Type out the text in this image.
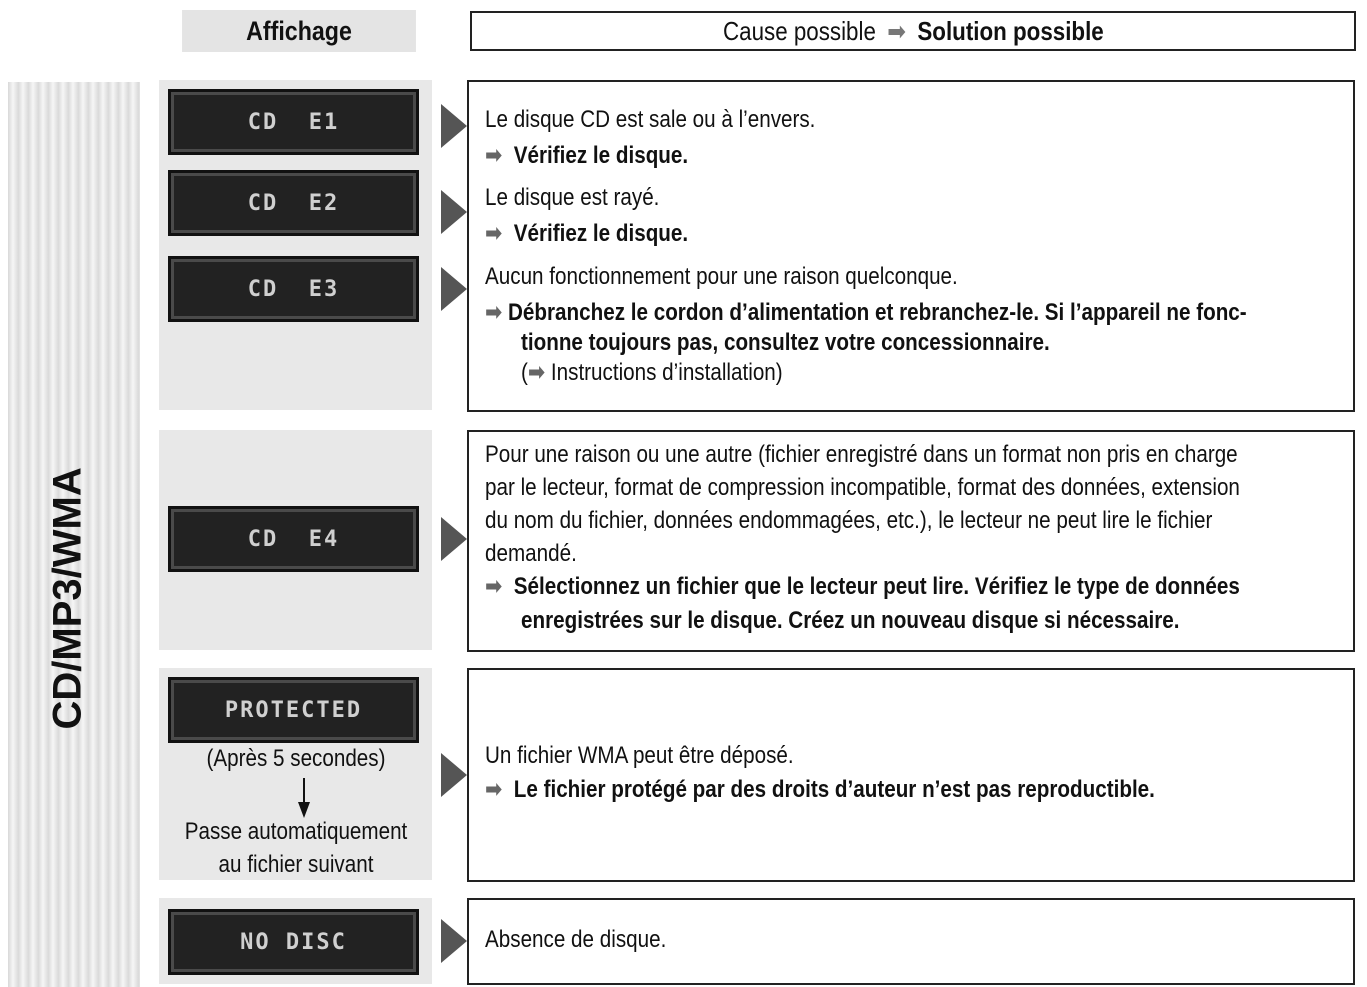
Affichage	Cause possible ➡ Solution possible
CD/MP3/WMA
CD  E1
CD  E2
CD  E3
CD  E4
PROTECTED
NO DISC
(Après 5 secondes)
Passe automatiquement
au fichier suivant
Le disque CD est sale ou à l’envers.
➡ Vérifiez le disque.
Le disque est rayé.
➡ Vérifiez le disque.
Aucun fonctionnement pour une raison quelconque.
➡ Débranchez le cordon d’alimentation et rebranchez-le. Si l’appareil ne fonc-
tionne toujours pas, consultez votre concessionnaire.
(➡ Instructions d’installation)
Pour une raison ou une autre (fichier enregistré dans un format non pris en charge
par le lecteur, format de compression incompatible, format des données, extension
du nom du fichier, données endommagées, etc.), le lecteur ne peut lire le fichier
demandé.
➡ Sélectionnez un fichier que le lecteur peut lire. Vérifiez le type de données
enregistrées sur le disque. Créez un nouveau disque si nécessaire.
Un fichier WMA peut être déposé.
➡ Le fichier protégé par des droits d’auteur n’est pas reproductible.
Absence de disque.
